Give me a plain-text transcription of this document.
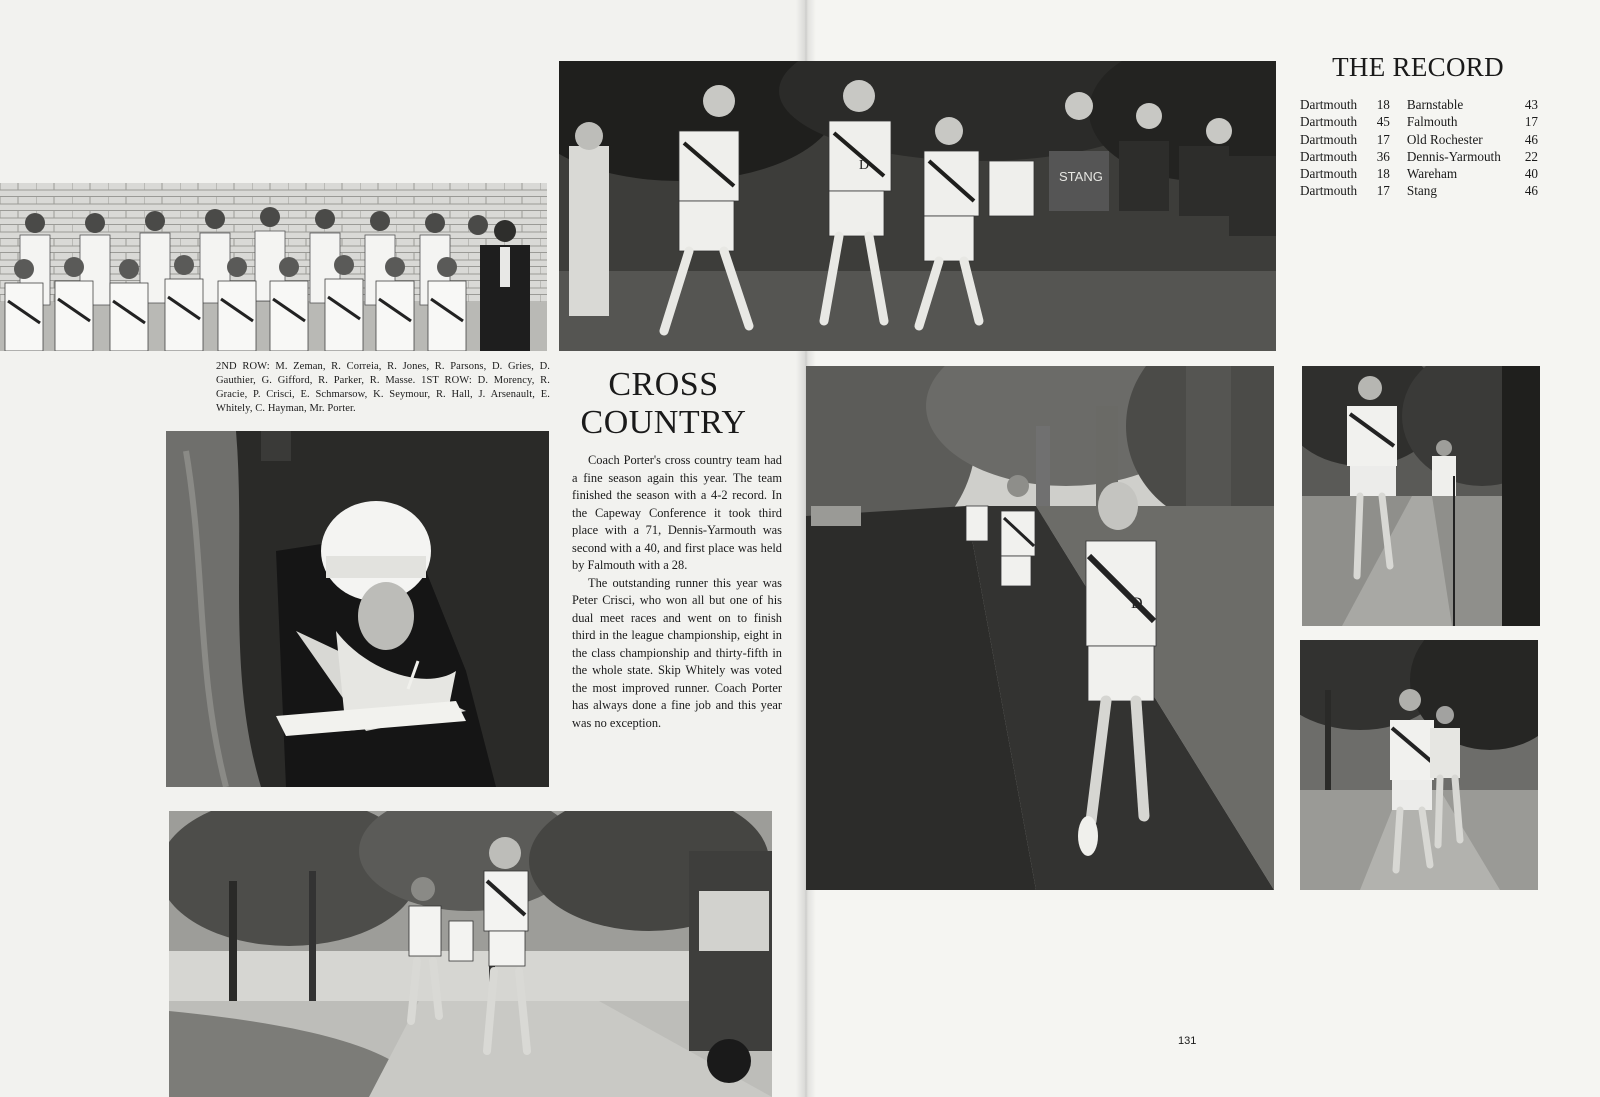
2ND ROW: M. Zeman, R. Correia, R. Jones, R. Parsons, D. Gries, D. Gauthier, G. Gifford, R. Parker, R. Masse. 1ST ROW: D. Morency, R. Gracie, P. Crisci, E. Schmarsow, K. Seymour, R. Hall, J. Arsenault, E. Whitely, C. Hayman, Mr. Porter.
CROSS
COUNTRY

Coach Porter's cross country team had a fine season again this year. The team finished the season with a 4-2 record. In the Capeway Conference it took third place with a 71, Dennis-Yarmouth was second with a 40, and first place was held by Falmouth with a 28.

The outstanding runner this year was Peter Crisci, who won all but one of his dual meet races and went on to finish third in the league championship, eight in the class championship and thirty-fifth in the whole state. Skip Whitely was voted the most improved runner. Coach Porter has always done a fine job and this year was no exception.

STANG
D
D
THE RECORD
Dartmouth	18	Barnstable	43
Dartmouth	45	Falmouth	17
Dartmouth	17	Old Rochester	46
Dartmouth	36	Dennis-Yarmouth	22
Dartmouth	18	Wareham	40
Dartmouth	17	Stang	46
131
